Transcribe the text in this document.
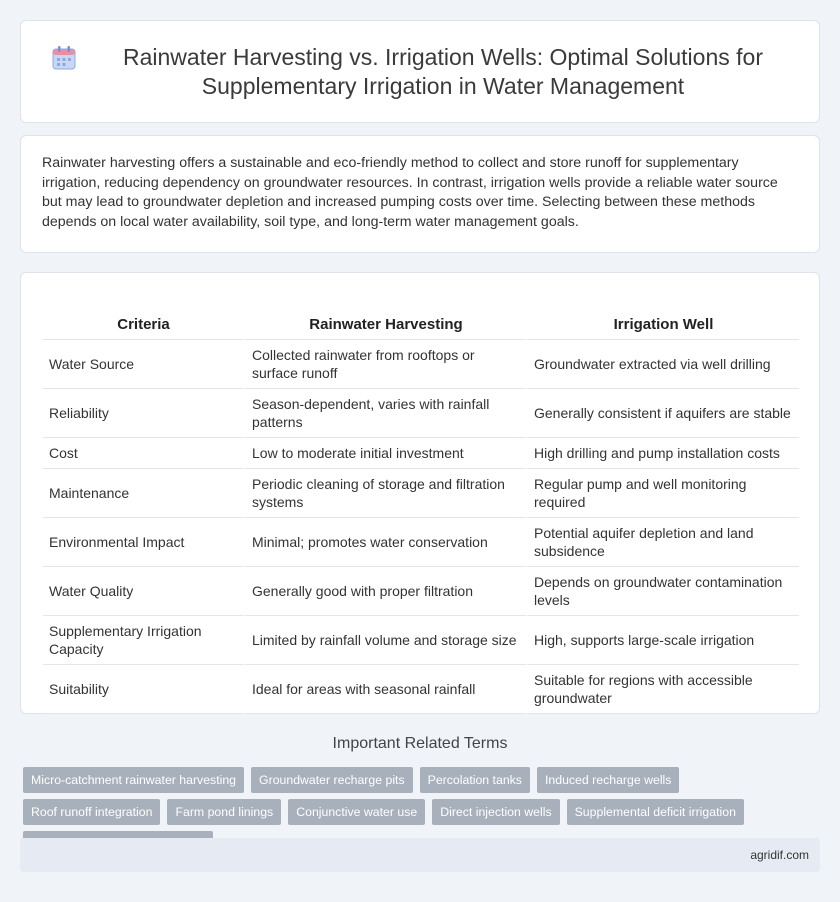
Rainwater Harvesting vs. Irrigation Wells: Optimal Solutions for Supplementary Irrigation in Water Management

Rainwater harvesting offers a sustainable and eco-friendly method to collect and store runoff for supplementary irrigation, reducing dependency on groundwater resources. In contrast, irrigation wells provide a reliable water source but may lead to groundwater depletion and increased pumping costs over time. Selecting between these methods depends on local water availability, soil type, and long-term water management goals.

Criteria	Rainwater Harvesting	Irrigation Well
Water Source	Collected rainwater from rooftops or surface runoff	Groundwater extracted via well drilling
Reliability	Season-dependent, varies with rainfall patterns	Generally consistent if aquifers are stable
Cost	Low to moderate initial investment	High drilling and pump installation costs
Maintenance	Periodic cleaning of storage and filtration systems	Regular pump and well monitoring required
Environmental Impact	Minimal; promotes water conservation	Potential aquifer depletion and land subsidence
Water Quality	Generally good with proper filtration	Depends on groundwater contamination levels
Supplementary Irrigation Capacity	Limited by rainfall volume and storage size	High, supports large-scale irrigation
Suitability	Ideal for areas with seasonal rainfall	Suitable for regions with accessible groundwater
Important Related Terms
Micro-catchment rainwater harvesting	Groundwater recharge pits	Percolation tanks	Induced recharge wells
Roof runoff integration	Farm pond linings	Conjunctive water use	Direct injection wells	Supplemental deficit irrigation
agridif.com
